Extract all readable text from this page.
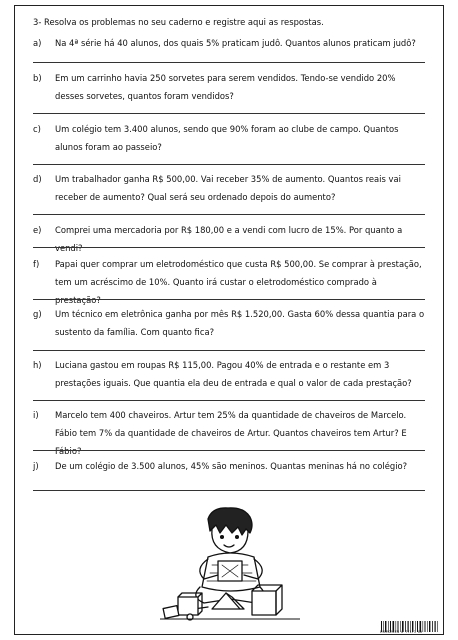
3- Resolva os problemas no seu caderno e registre aqui as respostas.
a) Na 4ª série há 40 alunos, dos quais 5% praticam judô. Quantos alunos praticam judô?
b) Em um carrinho havia 250 sorvetes para serem vendidos. Tendo-se vendido 20% desses sorvetes, quantos foram vendidos?
c) Um colégio tem 3.400 alunos, sendo que 90% foram ao clube de campo. Quantos alunos foram ao passeio?
d) Um trabalhador ganha R$ 500,00. Vai receber 35% de aumento. Quantos reais vai receber de aumento? Qual será seu ordenado depois do aumento?
e) Comprei uma mercadoria por R$ 180,00 e a vendi com lucro de 15%. Por quanto a vendi?
f) Papai quer comprar um eletrodoméstico que custa R$ 500,00. Se comprar à prestação, tem um acréscimo de 10%. Quanto irá custar o eletrodoméstico comprado à prestação?
g) Um técnico em eletrônica ganha por mês R$ 1.520,00. Gasta 60% dessa quantia para o sustento da família. Com quanto fica?
h) Luciana gastou em roupas R$ 115,00. Pagou 40% de entrada e o restante em 3 prestações iguais. Que quantia ela deu de entrada e qual o valor de cada prestação?
i) Marcelo tem 400 chaveiros. Artur tem 25% da quantidade de chaveiros de Marcelo. Fábio tem 7% da quantidade de chaveiros de Artur. Quantos chaveiros tem Artur? E Fábio?
j) De um colégio de 3.500 alunos, 45% são meninos. Quantas meninas há no colégio?
EVERGREEN 0 77173 00
